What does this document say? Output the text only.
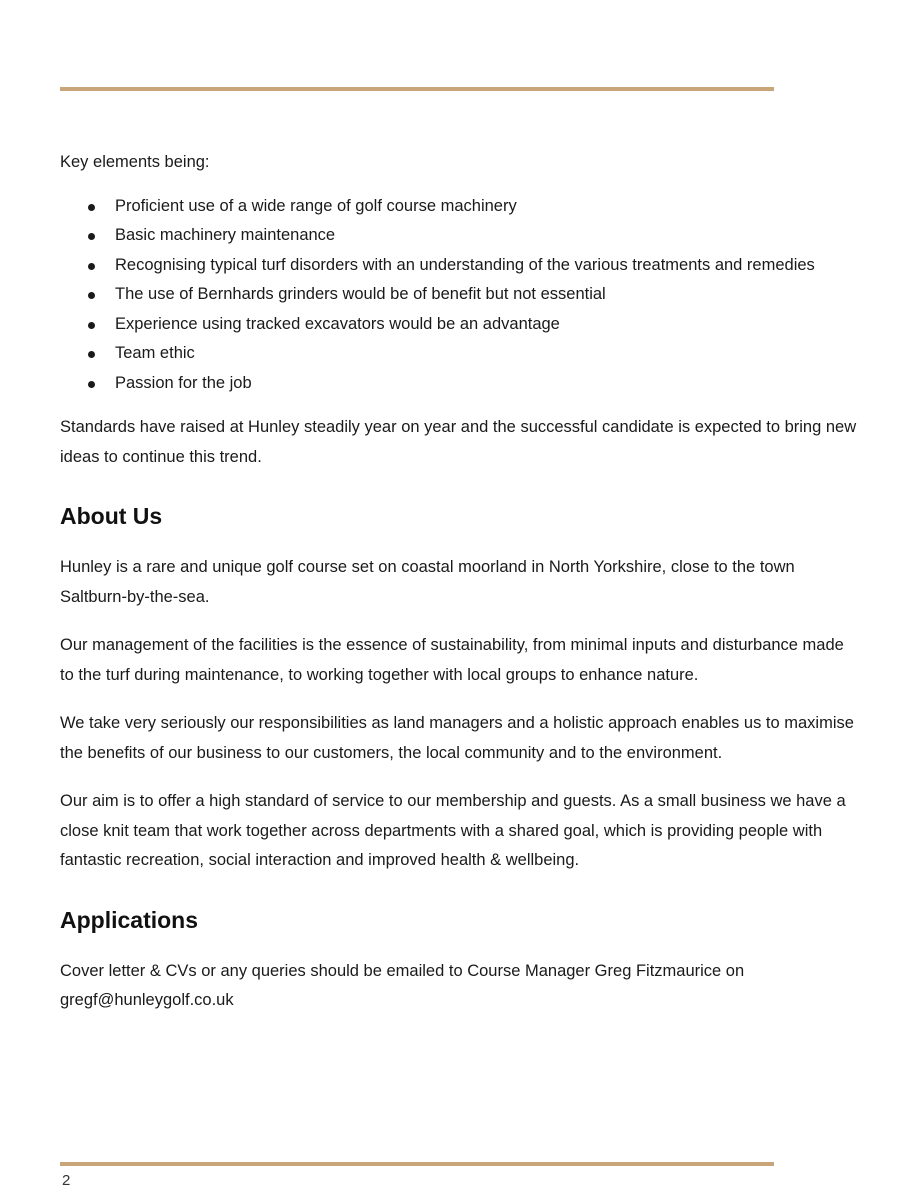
Key elements being:

Proficient use of a wide range of golf course machinery
Basic machinery maintenance
Recognising typical turf disorders with an understanding of the various treatments and remedies
The use of Bernhards grinders would be of benefit but not essential
Experience using tracked excavators would be an advantage
Team ethic
Passion for the job

Standards have raised at Hunley steadily year on year and the successful candidate is expected to bring new ideas to continue this trend.

About Us

Hunley is a rare and unique golf course set on coastal moorland in North Yorkshire, close to the town Saltburn-by-the-sea.

Our management of the facilities is the essence of sustainability, from minimal inputs and disturbance made to the turf during maintenance, to working together with local groups to enhance nature.

We take very seriously our responsibilities as land managers and a holistic approach enables us to maximise the benefits of our business to our customers, the local community and to the environment.

Our aim is to offer a high standard of service to our membership and guests. As a small business we have a close knit team that work together across departments with a shared goal, which is providing people with fantastic recreation, social interaction and improved health & wellbeing.

Applications

Cover letter & CVs or any queries should be emailed to Course Manager Greg Fitzmaurice on gregf@hunleygolf.co.uk

2
